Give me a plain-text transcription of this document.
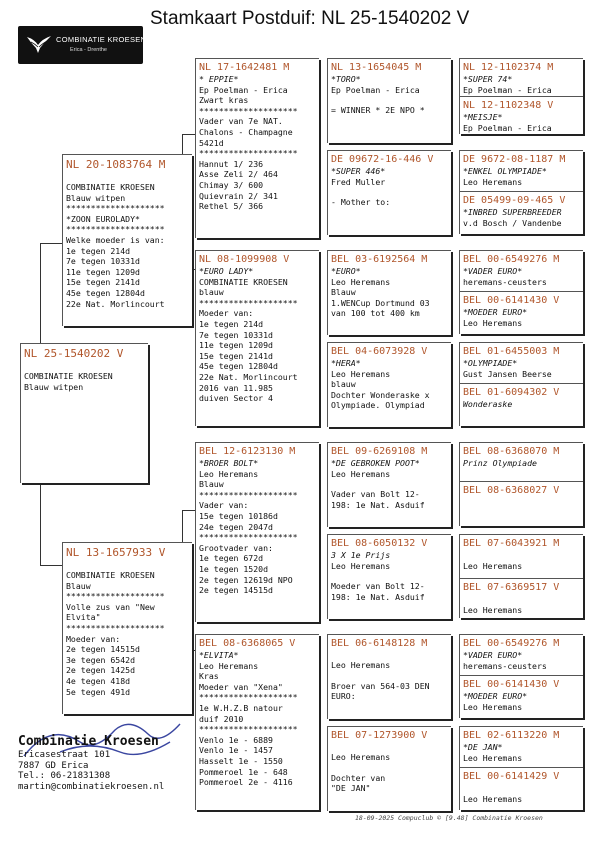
Stamkaart Postduif: NL 25-1540202 V
COMBINATIE KROESEN
Erica - Drenthe
NL 25-1540202 V
COMBINATIE KROESEN
Blauw witpen
NL 20-1083764 M
COMBINATIE KROESEN
Blauw witpen
********************
*ZOON EUROLADY*
********************
Welke moeder is van:
1e tegen 214d
7e tegen 10331d
11e tegen 1209d
15e tegen 2141d
45e tegen 12804d
22e Nat. Morlincourt
NL 13-1657933 V
COMBINATIE KROESEN
Blauw
********************
Volle zus van "New
Elvita"
********************
Moeder van:
2e tegen 14515d
3e tegen 6542d
2e tegen 1425d
4e tegen 418d
5e tegen 491d
NL 17-1642481 M
* EPPIE*
Ep Poelman - Erica
Zwart kras
********************
Vader van 7e NAT.
Chalons - Champagne
5421d
********************
Hannut 1/ 236
Asse Zeli 2/ 464
Chimay 3/ 600
Quievrain 2/ 341
Rethel 5/ 366
NL 08-1099908 V
*EURO LADY*
COMBINATIE KROESEN
blauw
********************
Moeder van:
1e tegen 214d
7e tegen 10331d
11e tegen 1209d
15e tegen 2141d
45e tegen 12804d
22e Nat. Morlincourt
2016 van 11.985
duiven Sector 4
BEL 12-6123130 M
*BROER BOLT*
Leo Heremans
Blauw
********************
Vader van:
15e tegen 10186d
24e tegen 2047d
********************
Grootvader van:
1e tegen 672d
1e tegen 1520d
2e tegen 12619d NPO
2e tegen 14515d
BEL 08-6368065 V
*ELVITA*
Leo Heremans
Kras
Moeder van "Xena"
********************
1e W.H.Z.B natour
duif 2010
********************
Venlo 1e - 6889
Venlo 1e - 1457
Hasselt 1e - 1550
Pommeroel 1e - 648
Pommeroel 2e - 4116
NL 13-1654045 M
*TORO*
Ep Poelman - Erica
= WINNER * 2E NPO *
DE 09672-16-446 V
*SUPER 446*
Fred Muller
- Mother to:
BEL 03-6192564 M
*EURO*
Leo Heremans
Blauw
1.WENCup Dortmund 03
van 100 tot 400 km
BEL 04-6073928 V
*HERA*
Leo Heremans
blauw
Dochter Wonderaske x
Olympiade. Olympiad
BEL 09-6269108 M
*DE GEBROKEN POOT*
Leo Heremans
Vader van Bolt 12-
198: 1e Nat. Asduif
BEL 08-6050132 V
3 X 1e Prijs
Leo Heremans
Moeder van Bolt 12-
198: 1e Nat. Asduif
BEL 06-6148128 M
Leo Heremans
Broer van 564-03 DEN
EURO:
BEL 07-1273900 V
Leo Heremans
Dochter van
"DE JAN"
NL 12-1102374 M
*SUPER 74*
Ep Poelman - Erica
NL 12-1102348 V
*MEISJE*
Ep Poelman - Erica
DE 9672-08-1187 M
*ENKEL OLYMPIADE*
Leo Heremans
DE 05499-09-465 V
*INBRED SUPERBREEDER
v.d Bosch / Vandenbe
BEL 00-6549276 M
*VADER EURO*
heremans-ceusters
BEL 00-6141430 V
*MOEDER EURO*
Leo Heremans
BEL 01-6455003 M
*OLYMPIADE*
Gust Jansen Beerse
BEL 01-6094302 V
Wonderaske
BEL 08-6368070 M
Prinz Olympiade
BEL 08-6368027 V
BEL 07-6043921 M
Leo Heremans
BEL 07-6369517 V
Leo Heremans
BEL 00-6549276 M
*VADER EURO*
heremans-ceusters
BEL 00-6141430 V
*MOEDER EURO*
Leo Heremans
BEL 02-6113220 M
*DE JAN*
Leo Heremans
BEL 00-6141429 V
Leo Heremans
Combinatie Kroesen
Ericasestraat 101
7887 GD Erica
Tel.: 06-21831308
martin@combinatiekroesen.nl
18-09-2025 Compuclub © [9.48] Combinatie Kroesen
